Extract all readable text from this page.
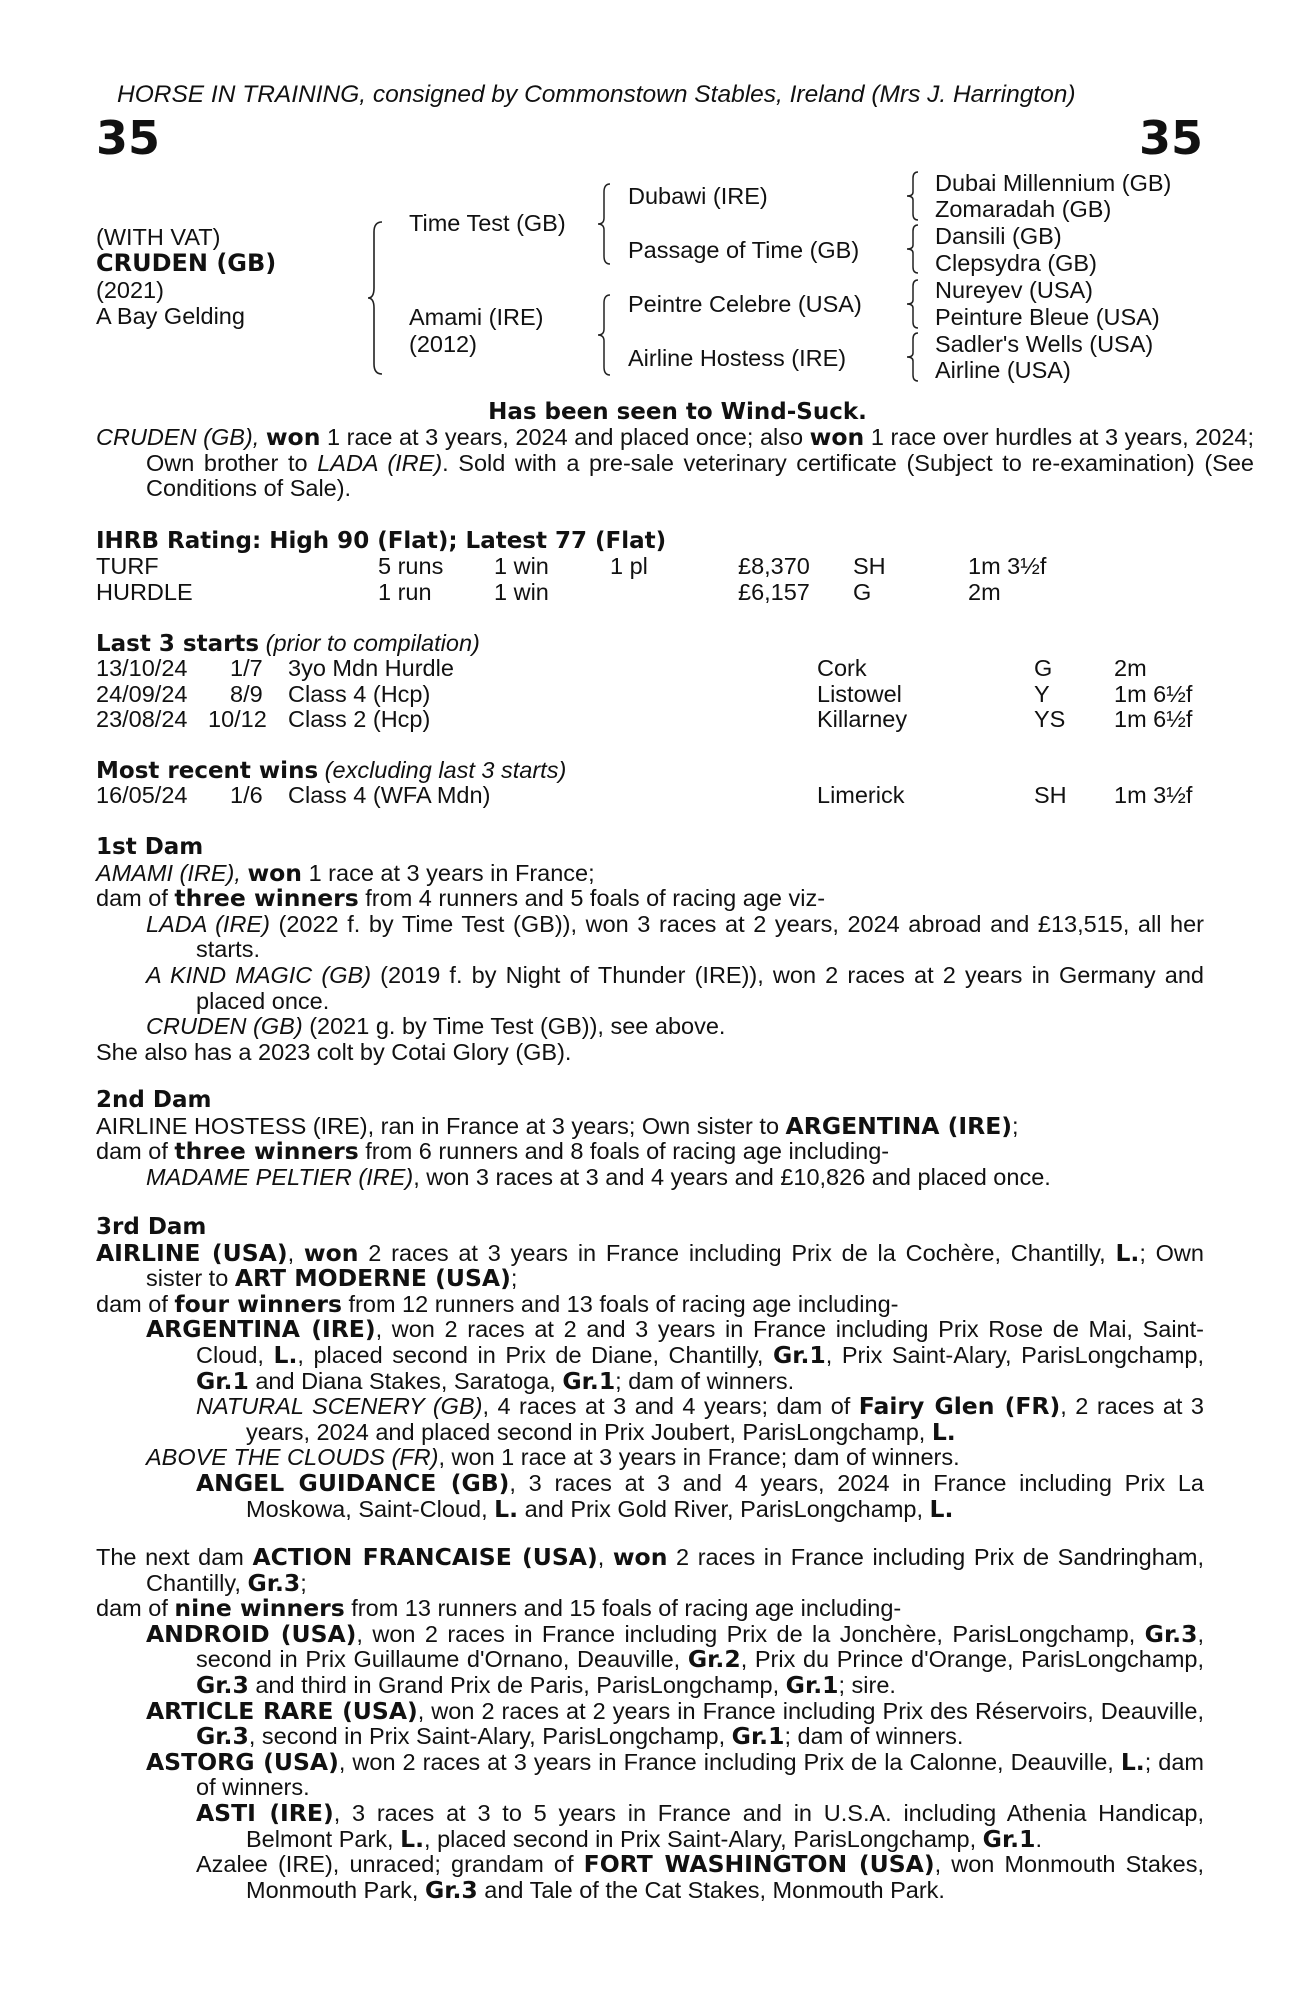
HORSE IN TRAINING, consigned by Commonstown Stables, Ireland (Mrs J. Harrington)
35	35
(WITH VAT)
CRUDEN (GB)
(2021)
A Bay Gelding
Time Test (GB)
Amami (IRE)
(2012)
Dubawi (IRE)
Passage of Time (GB)
Peintre Celebre (USA)
Airline Hostess (IRE)
Dubai Millennium (GB)
Zomaradah (GB)
Dansili (GB)
Clepsydra (GB)
Nureyev (USA)
Peinture Bleue (USA)
Sadler's Wells (USA)
Airline (USA)
Has been seen to Wind-Suck.
CRUDEN (GB), won 1 race at 3 years, 2024 and placed once; also won 1 race over hurdles at 3 years, 2024; Own brother to LADA (IRE). Sold with a pre-sale veterinary certificate (Subject to re-examination) (See Conditions of Sale).
IHRB Rating: High 90 (Flat); Latest 77 (Flat)
TURF	5 runs 1 win	1 pl	£8,370 SH	1m 3½f
HURDLE	1 run	1 win	£6,157 G	2m
Last 3 starts (prior to compilation)
13/10/24 1/7 3yo Mdn Hurdle	Cork	G	2m
24/09/24 8/9 Class 4 (Hcp)	Listowel	Y	1m 6½f
23/08/24 10/12 Class 2 (Hcp)	Killarney	YS 1m 6½f
Most recent wins (excluding last 3 starts)
16/05/24 1/6 Class 4 (WFA Mdn)	Limerick	SH 1m 3½f
1st Dam

AMAMI (IRE), won 1 race at 3 years in France;

dam of three winners from 4 runners and 5 foals of racing age viz-

LADA (IRE) (2022 f. by Time Test (GB)), won 3 races at 2 years, 2024 abroad and £13,515, all her starts.

A KIND MAGIC (GB) (2019 f. by Night of Thunder (IRE)), won 2 races at 2 years in Germany and placed once.

CRUDEN (GB) (2021 g. by Time Test (GB)), see above.

She also has a 2023 colt by Cotai Glory (GB).

2nd Dam

AIRLINE HOSTESS (IRE), ran in France at 3 years; Own sister to ARGENTINA (IRE);

dam of three winners from 6 runners and 8 foals of racing age including-

MADAME PELTIER (IRE), won 3 races at 3 and 4 years and £10,826 and placed once.

3rd Dam

AIRLINE (USA), won 2 races at 3 years in France including Prix de la Cochère, Chantilly, L.; Own sister to ART MODERNE (USA);

dam of four winners from 12 runners and 13 foals of racing age including-

ARGENTINA (IRE), won 2 races at 2 and 3 years in France including Prix Rose de Mai, Saint-Cloud, L., placed second in Prix de Diane, Chantilly, Gr.1, Prix Saint-Alary, ParisLongchamp, Gr.1 and Diana Stakes, Saratoga, Gr.1; dam of winners.

NATURAL SCENERY (GB), 4 races at 3 and 4 years; dam of Fairy Glen (FR), 2 races at 3 years, 2024 and placed second in Prix Joubert, ParisLongchamp, L.

ABOVE THE CLOUDS (FR), won 1 race at 3 years in France; dam of winners.

ANGEL GUIDANCE (GB), 3 races at 3 and 4 years, 2024 in France including Prix La Moskowa, Saint-Cloud, L. and Prix Gold River, ParisLongchamp, L.

The next dam ACTION FRANCAISE (USA), won 2 races in France including Prix de Sandringham, Chantilly, Gr.3;

dam of nine winners from 13 runners and 15 foals of racing age including-

ANDROID (USA), won 2 races in France including Prix de la Jonchère, ParisLongchamp, Gr.3, second in Prix Guillaume d'Ornano, Deauville, Gr.2, Prix du Prince d'Orange, ParisLongchamp, Gr.3 and third in Grand Prix de Paris, ParisLongchamp, Gr.1; sire.

ARTICLE RARE (USA), won 2 races at 2 years in France including Prix des Réservoirs, Deauville, Gr.3, second in Prix Saint-Alary, ParisLongchamp, Gr.1; dam of winners.

ASTORG (USA), won 2 races at 3 years in France including Prix de la Calonne, Deauville, L.; dam of winners.

ASTI (IRE), 3 races at 3 to 5 years in France and in U.S.A. including Athenia Handicap, Belmont Park, L., placed second in Prix Saint-Alary, ParisLongchamp, Gr.1.

Azalee (IRE), unraced; grandam of FORT WASHINGTON (USA), won Monmouth Stakes, Monmouth Park, Gr.3 and Tale of the Cat Stakes, Monmouth Park.
